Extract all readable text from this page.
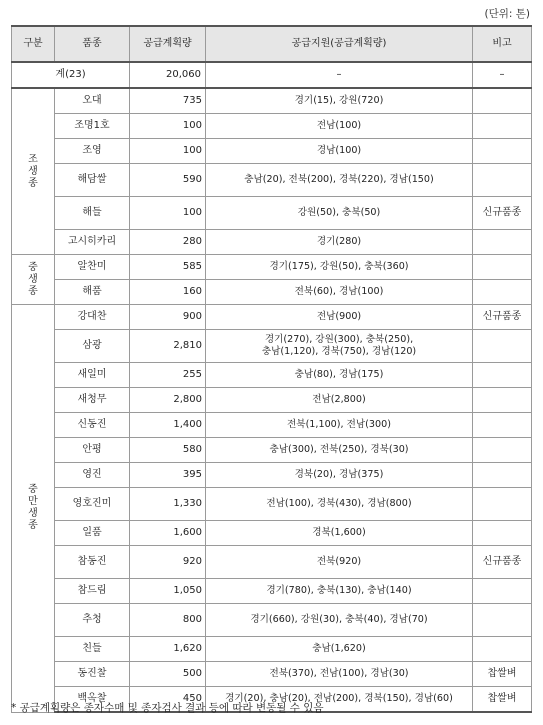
(단위: 톤)
구분	품종	공급계획량	공급지원(공급계획량)	비고
계(23)		20,060	–	–

조
생
종	오대	735	경기(15), 강원(720)	
	조명1호	100	전남(100)	
	조영	100	경남(100)	
	해담쌀	590	충남(20), 전북(200), 경북(220), 경남(150)	
	해들	100	강원(50), 충북(50)	신규품종
	고시히카리	280	경기(280)	

중
생
종	알찬미	585	경기(175), 강원(50), 충북(360)	
	해품	160	전북(60), 경남(100)	

중
만
생
종	강대찬	900	전남(900)	신규품종
	삼광	2,810	경기(270), 강원(300), 충북(250),
충남(1,120), 경북(750), 경남(120)	

	새일미	255	충남(80), 경남(175)	
	새청무	2,800	전남(2,800)	
	신동진	1,400	전북(1,100), 전남(300)	
	안평	580	충남(300), 전북(250), 경북(30)	
	영진	395	경북(20), 경남(375)	
	영호진미	1,330	전남(100), 경북(430), 경남(800)	
	일품	1,600	경북(1,600)	
	참동진	920	전북(920)	신규품종
	참드림	1,050	경기(780), 충북(130), 충남(140)	
	추청	800	경기(660), 강원(30), 충북(40), 경남(70)	
	친들	1,620	충남(1,620)	
	동진찰	500	전북(370), 전남(100), 경남(30)	찹쌀벼
	백옥찰	450	경기(20), 충남(20), 전남(200), 경북(150), 경남(60)	찹쌀벼
* 공급계획량은 종자수매 및 종자검사 결과 등에 따라 변동될 수 있음
